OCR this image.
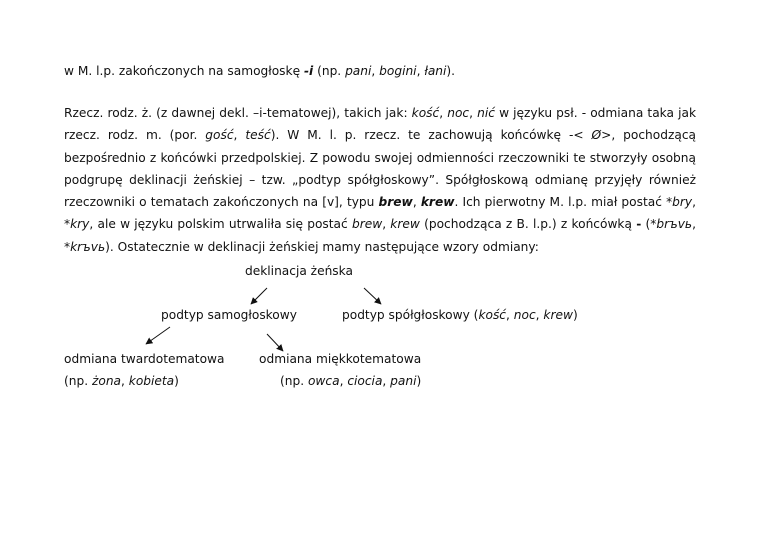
w M. l.p. zakończonych na samogłoskę -i (np. pani, bogini, łani).

Rzecz. rodz. ż. (z dawnej dekl. –i-tematowej), takich jak: kość, noc, nić w języku psł. - odmiana taka jak rzecz. rodz. m. (por. gość, teść). W M. l. p. rzecz. te zachowują końcówkę -< Ø>, pochodzącą bezpośrednio z końcówki przedpolskiej. Z powodu swojej odmienności rzeczowniki te stworzyły osobną podgrupę deklinacji żeńskiej – tzw. „podtyp spółgłoskowy”. Spółgłoskową odmianę przyjęły również rzeczowniki o tematach zakończonych na [v], typu brew, krew. Ich pierwotny M. l.p. miał postać *bry, *kry, ale w języku polskim utrwaliła się postać brew, krew (pochodząca z B. l.p.) z końcówką - (*brъvь, *krъvь). Ostatecznie w deklinacji żeńskiej mamy następujące wzory odmiany:

deklinacja żeńska
podtyp samogłoskowy	podtyp spółgłoskowy (kość, noc, krew)
odmiana twardotematowa	odmiana miękkotematowa
(np. żona, kobieta)	(np. owca, ciocia, pani)
